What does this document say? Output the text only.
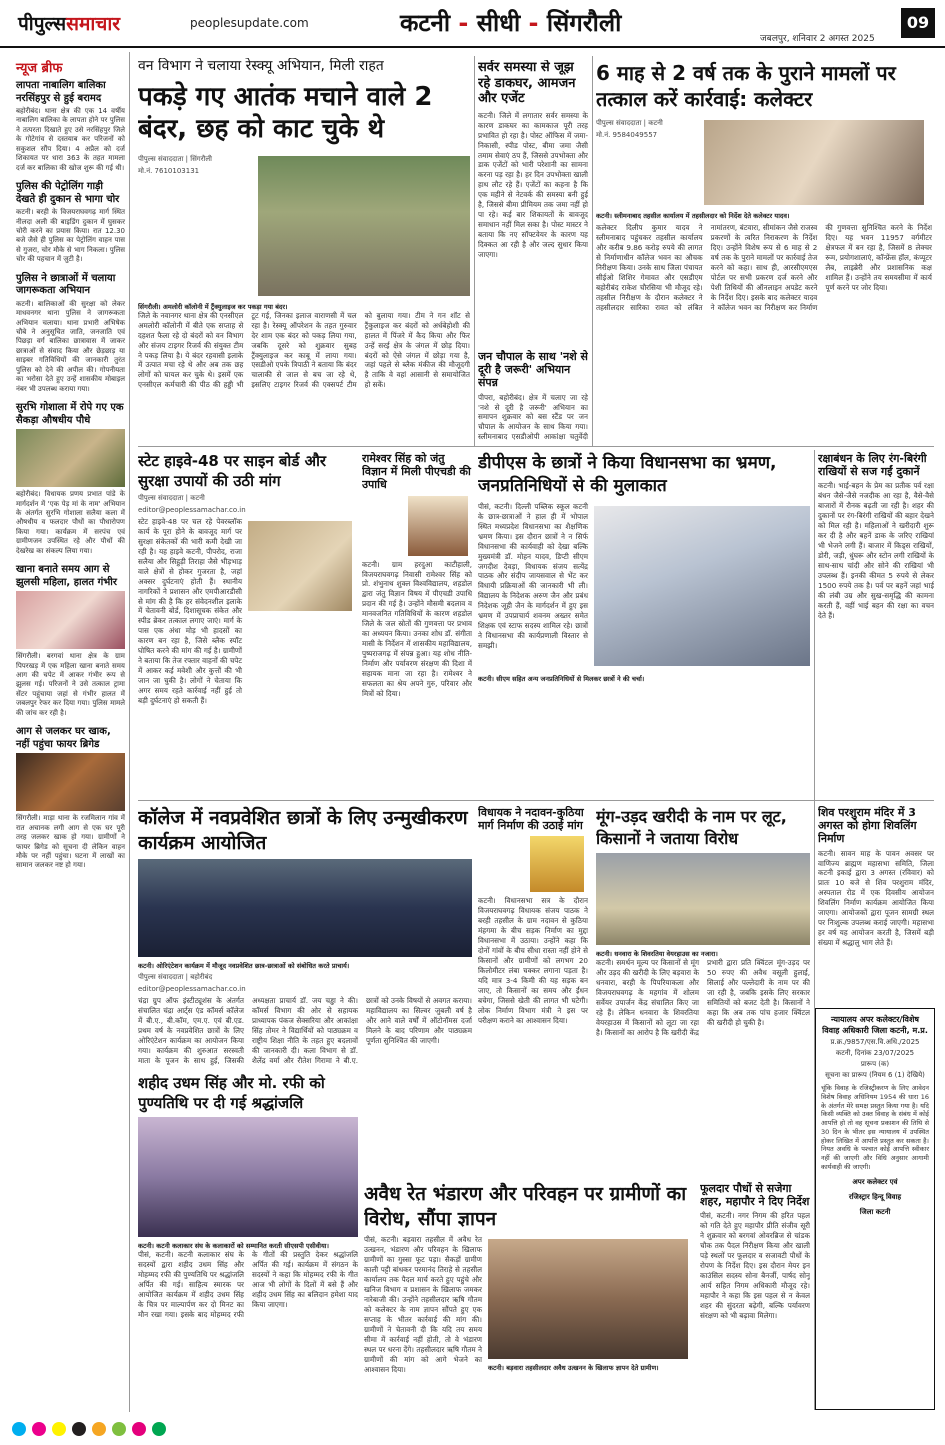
पीपुल्ससमाचार	peoplesupdate.com	कटनी - सीधी - सिंगरौली
जबलपुर, शनिवार 2 अगस्त 2025
09
न्यूज ब्रीफ
लापता नाबालिग बालिका नरसिंहपुर से हुई बरामद
बहोरीबंद। थाना क्षेत्र की एक 14 वर्षीय नाबालिग बालिका के लापता होने पर पुलिस ने तत्परता दिखाते हुए उसे नरसिंहपुर जिले के गोटेगांव से दस्तयाब कर परिजनों को सकुशल सौंप दिया। 4 अप्रैल को दर्ज शिकायत पर धारा 363 के तहत मामला दर्ज कर बालिका की खोज शुरू की गई थी।
पुलिस की पेट्रोलिंग गाड़ी देखते ही दुकान से भागा चोर
कटनी। बरही के विजयराघवगढ़ मार्ग स्थित नीलदा अली की बाइडिंग दुकान में घुसकर चोरी करने का प्रयास किया। रात 12.30 बजे जैसे ही पुलिस का पेट्रोलिंग वाहन पास से गुजरा, चोर मौके से भाग निकला। पुलिस चोर की पहचान में जुटी है।
पुलिस ने छात्राओं में चलाया जागरूकता अभियान
कटनी। बालिकाओं की सुरक्षा को लेकर माधवनगर थाना पुलिस ने जागरूकता अभियान चलाया। थाना प्रभारी अभिषेक चौबे ने अनुसूचित जाति, जनजाति एवं पिछड़ा वर्ग बालिका छात्रावास में जाकर छात्राओं से संवाद किया और छेड़छाड़ या साइबर गतिविधियों की जानकारी तुरंत पुलिस को देने की अपील की। गोपनीयता का भरोसा देते हुए उन्हें शासकीय मोबाइल नंबर भी उपलब्ध कराया गया।
सुरभि गोशाला में रोपे गए एक सैकड़ा औषधीय पौधे
बहोरीबंद। विधायक प्रणय प्रभात पांडे के मार्गदर्शन में 'एक पेड़ मां के नाम' अभियान के अंतर्गत सुरभि गोशाला सलैया कला में औषधीय व फलदार पौधों का पौधारोपण किया गया। कार्यक्रम में सरपंच एवं ग्रामीणजन उपस्थित रहे और पौधों की देखरेख का संकल्प लिया गया।
खाना बनाते समय आग से झुलसी महिला, हालत गंभीर
सिंगरौली। बरगवां थाना क्षेत्र के ग्राम पिपरखड़ में एक महिला खाना बनाते समय आग की चपेट में आकर गंभीर रूप से झुलस गई। परिजनों ने उसे तत्काल ट्रामा सेंटर पहुंचाया जहां से गंभीर हालत में जबलपुर रेफर कर दिया गया। पुलिस मामले की जांच कर रही है।
आग से जलकर घर खाक, नहीं पहुंचा फायर ब्रिगेड
सिंगरौली। माड़ा थाना के रजमिलान गांव में रात अचानक लगी आग से एक घर पूरी तरह जलकर खाक हो गया। ग्रामीणों ने फायर ब्रिगेड को सूचना दी लेकिन वाहन मौके पर नहीं पहुंचा। घटना में लाखों का सामान जलकर नष्ट हो गया।
वन विभाग ने चलाया रेस्क्यू अभियान, मिली राहत
पकड़े गए आतंक मचाने वाले 2 बंदर, छह को काट चुके थे
पीपुल्स संवाददाता | सिंगरौली
मो.नं. 7610103131
सिंगरौली। अमलोरी कॉलोनी में ट्रैंक्युलाइज कर पकड़ा गया बंदर।
जिले के नवानगर थाना क्षेत्र की एनसीएल अमलोरी कॉलोनी में बीते एक सप्ताह से दहशत फैला रहे दो बंदरों को वन विभाग और संजय टाइगर रिजर्व की संयुक्त टीम ने पकड़ लिया है। ये बंदर रहवासी इलाके में उत्पात मचा रहे थे और अब तक छह लोगों को घायल कर चुके थे। इसमें एक एनसीएल कर्मचारी की पीठ की हड्डी भी टूट गई, जिनका इलाज वाराणसी में चल रहा है। रेस्क्यू ऑपरेशन के तहत गुरुवार देर शाम एक बंदर को पकड़ लिया गया, जबकि दूसरे को शुक्रवार सुबह ट्रैंक्युलाइज कर काबू में लाया गया। एसडीओ एपके त्रिपाठी ने बताया कि बंदर चालाकी से जाल से बच जा रहे थे, इसलिए टाइगर रिजर्व की एक्सपर्ट टीम को बुलाया गया। टीम ने गन शॉट से ट्रैंकुलाइज कर बंदरों को अर्धबेहोशी की हालत में पिंजरे में कैद किया और फिर उन्हें सरई क्षेत्र के जंगल में छोड़ दिया। बंदरों को ऐसे जंगल में छोड़ा गया है, जहां पहले से ब्लैक मंकीज की मौजूदगी है ताकि वे वहां आसानी से समायोजित हो सकें।
सर्वर समस्या से जूझ रहे डाकघर, आमजन और एजेंट
कटनी। जिले में लगातार सर्वर समस्या के कारण डाकघर का कामकाज पूरी तरह प्रभावित हो रहा है। पोस्ट ऑफिस में जमा-निकासी, स्पीड पोस्ट, बीमा जमा जैसी तमाम सेवाएं ठप हैं, जिससे उपभोक्ता और डाक एजेंटों को भारी परेशानी का सामना करना पड़ रहा है। हर दिन उपभोक्ता खाली हाथ लौट रहे हैं। एजेंटों का कहना है कि एक महीने से नेटवर्क की समस्या बनी हुई है, जिससे बीमा प्रीमियम तक जमा नहीं हो पा रहे। कई बार शिकायतों के बावजूद समाधान नहीं मिल सका है। पोस्ट मास्टर ने बताया कि नए सॉफ्टवेयर के कारण यह दिक्कत आ रही है और जल्द सुधार किया जाएगा।
6 माह से 2 वर्ष तक के पुराने मामलों पर तत्काल करें कार्रवाई: कलेक्टर
पीपुल्स संवाददाता | कटनी
मो.नं. 9584049557
कटनी। स्लीमनाबाद तहसील कार्यालय में तहसीलदार को निर्देश देते कलेक्टर यादव।
कलेक्टर दिलीप कुमार यादव ने स्लीमनाबाद पहुंचकर तहसील कार्यालय और करीब 9.86 करोड़ रुपये की लागत से निर्माणाधीन कॉलेज भवन का औचक निरीक्षण किया। उनके साथ जिला पंचायत सीईओ शिशिर गेमावत और एसडीएम बहोरीबंद राकेश चौरसिया भी मौजूद रहे। तहसील निरीक्षण के दौरान कलेक्टर ने तहसीलदार सारिका रावत को लंबित नामांतरण, बंटवारा, सीमांकन जैसे राजस्व प्रकरणों के त्वरित निराकरण के निर्देश दिए। उन्होंने विशेष रूप से 6 माह से 2 वर्ष तक के पुराने मामलों पर कार्रवाई तेज करने को कहा। साथ ही, आरसीएमएस पोर्टल पर सभी प्रकरण दर्ज करने और पेशी तिथियों की ऑनलाइन अपडेट करने के निर्देश दिए। इसके बाद कलेक्टर यादव ने कॉलेज भवन का निरीक्षण कर निर्माण की गुणवत्ता सुनिश्चित करने के निर्देश दिए। यह भवन 11957 वर्गमीटर क्षेत्रफल में बन रहा है, जिसमें 8 लेक्चर रूम, प्रयोगशालाएं, कॉन्फ्रेंस हॉल, कंप्यूटर लैब, लाइब्रेरी और प्रशासनिक कक्ष शामिल हैं। उन्होंने तय समयसीमा में कार्य पूर्ण करने पर जोर दिया।
जन चौपाल के साथ 'नशे से दूरी है जरूरी' अभियान संपन्न
पीपरा, बहोरीबंद। क्षेत्र में चलाए जा रहे 'नशे से दूरी है जरूरी' अभियान का समापन शुक्रवार को बस स्टैंड पर जन चौपाल के आयोजन के साथ किया गया। स्लीमनाबाद एसडीओपी आकांक्षा चतुर्वेदी
स्टेट हाइवे-48 पर साइन बोर्ड और सुरक्षा उपायों की उठी मांग
पीपुल्स संवाददाता | कटनी
editor@peoplessamachar.co.in
स्टेट हाइवे-48 पर चल रहे पेवरब्लॉक कार्य के पूरा होने के बावजूद मार्ग पर सुरक्षा संकेतकों की भारी कमी देखी जा रही है। यह हाइवे कटनी, पीपरोद, राजा सलैया और सिहुड़ी तिराहा जैसे भीड़भाड़ वाले क्षेत्रों से होकर गुजरता है, जहां अक्सर दुर्घटनाएं होती हैं। स्थानीय नागरिकों ने प्रशासन और एमपीआरडीसी से मांग की है कि हर संवेदनशील इलाके में चेतावनी बोर्ड, दिशासूचक संकेत और स्पीड ब्रेकर तत्काल लगाए जाएं। मार्ग के पास एक अंधा मोड़ भी हादसों का कारण बन रहा है, जिसे ब्लैक स्पॉट घोषित करने की मांग की गई है। ग्रामीणों ने बताया कि तेज रफ्तार वाहनों की चपेट में आकर कई मवेशी और कुत्तों की भी जान जा चुकी है। लोगों ने चेताया कि अगर समय रहते कार्रवाई नहीं हुई तो बड़ी दुर्घटनाएं हो सकती हैं।
रामेश्वर सिंह को जंतु विज्ञान में मिली पीएचडी की उपाधि
कटनी। ग्राम हरदुआ काटीहाली, विजयराघवगढ़ निवासी रामेश्वर सिंह को प्रो. शंभुनाथ शुक्ल विश्वविद्यालय, शहडोल द्वारा जंतु विज्ञान विषय में पीएचडी उपाधि प्रदान की गई है। उन्होंने मौसमी बदलाव व मानवजनित गतिविधियों के कारण शहडोल जिले के जल स्रोतों की गुणवत्ता पर प्रभाव का अध्ययन किया। उनका शोध डॉ. संगीता मासी के निर्देशन में शासकीय महाविद्यालय, पुष्पराजगढ़ में संपन्न हुआ। यह शोध नीति-निर्माण और पर्यावरण संरक्षण की दिशा में सहायक माना जा रहा है। रामेश्वर ने सफलता का श्रेय अपने गुरु, परिवार और मित्रों को दिया।
डीपीएस के छात्रों ने किया विधानसभा का भ्रमण, जनप्रतिनिधियों से की मुलाकात
पीसं, कटनी। दिल्ली पब्लिक स्कूल कटनी के छात्र-छात्राओं ने हाल ही में भोपाल स्थित मध्यप्रदेश विधानसभा का शैक्षणिक भ्रमण किया। इस दौरान छात्रों ने न सिर्फ विधानसभा की कार्यवाही को देखा बल्कि मुख्यमंत्री डॉ. मोहन यादव, डिप्टी सीएम जगदीश देवड़ा, विधायक संजय सत्येंद्र पाठक और संदीप जायसवाल से भेंट कर विधायी प्रक्रियाओं की जानकारी भी ली। विद्यालय के निदेशक अरुण जैन और प्रबंध निदेशक जूही जैन के मार्गदर्शन में हुए इस भ्रमण में उपप्राचार्य शवनम अख्तर समेत शिक्षक एवं स्टाफ सदस्य शामिल रहे। छात्रों ने विधानसभा की कार्यप्रणाली विस्तार से समझी।
कटनी। सीएम सहित अन्य जनप्रतिनिधियों से मिलकर छात्रों ने की चर्चा।
रक्षाबंधन के लिए रंग-बिरंगी राखियों से सज गईं दुकानें
कटनी। भाई-बहन के प्रेम का प्रतीक पर्व रक्षा बंधन जैसे-जैसे नजदीक आ रहा है, वैसे-वैसे बाजारों में रौनक बढ़ती जा रही है। शहर की दुकानों पर रंग-बिरंगी राखियों की बहार देखने को मिल रही है। महिलाओं ने खरीदारी शुरू कर दी है और बहनें डाक के जरिए राखियां भी भेजने लगी हैं। बाजार में किड्स राखियों, डोरी, जड़ी, धुंघरू और स्टोन लगी राखियों के साथ-साथ चांदी और सोने की राखियां भी उपलब्ध हैं। इनकी कीमत 5 रुपये से लेकर 1500 रुपये तक है। पर्व पर बहनें जहां भाई की लंबी उम्र और सुख-समृद्धि की कामना करती हैं, वहीं भाई बहन की रक्षा का वचन देते हैं।
कॉलेज में नवप्रवेशित छात्रों के लिए उन्मुखीकरण कार्यक्रम आयोजित
कटनी। ओरिएंटेशन कार्यक्रम में मौजूद नवप्रवेशित छात्र-छात्राओं को संबोधित करते प्राचार्य।
पीपुल्स संवाददाता | बहोरीबंद
editor@peoplessamachar.co.in
चंद्रा ग्रुप ऑफ इंस्टीट्यूशंस के अंतर्गत संचालित चंद्रा आर्ट्स एंड कॉमर्स कॉलेज में बी.ए., बी.कॉम, एम.ए. एवं बी.एड. प्रथम वर्ष के नवप्रवेशित छात्रों के लिए ओरिएंटेशन कार्यक्रम का आयोजन किया गया। कार्यक्रम की शुरुआत सरस्वती माता के पूजन के साथ हुई, जिसकी अध्यक्षता प्राचार्य डॉ. जय चड्ढा ने की। कॉमर्स विभाग की ओर से सहायक प्राध्यापक पंकज सेक्सरिया और आकांक्षा सिंह तोमर ने विद्यार्थियों को पाठ्यक्रम व राष्ट्रीय शिक्षा नीति के तहत हुए बदलावों की जानकारी दी। कला विभाग से डॉ. शैलेंद्र वर्मा और रीतेश गिरामा ने बी.ए. छात्रों को उनके विषयों से अवगत कराया। महाविद्यालय का सिल्वर जुबली वर्ष है और आने वाले वर्षों में ऑटोनॉमस दर्जा मिलने के बाद परिणाम और पाठ्यक्रम पूर्णता सुनिश्चित की जाएगी।
विधायक ने नदावन-कुठिया मार्ग निर्माण की उठाई मांग
कटनी। विधानसभा सत्र के दौरान विजयराघवगढ़ विधायक संजय पाठक ने बरही तहसील के ग्राम नदावन से कुठिया मंहगमा के बीच सड़क निर्माण का मुद्दा विधानसभा में उठाया। उन्होंने कहा कि दोनों गांवों के बीच सीधा रास्ता नहीं होने से किसानों और ग्रामीणों को लगभग 20 किलोमीटर लंबा चक्कर लगाना पड़ता है। यदि मात्र 3-4 किमी की यह सड़क बन जाए, तो किसानों का समय और ईंधन बचेगा, जिससे खेती की लागत भी घटेगी। लोक निर्माण विभाग मंत्री ने इस पर परीक्षण कराने का आश्वासन दिया।
मूंग-उड़द खरीदी के नाम पर लूट, किसानों ने जताया विरोध
कटनी। धनवारा के शिवरतिया वेयरहाउस का नजारा।
कटनी। समर्थन मूल्य पर किसानों से मूंग और उड़द की खरीदी के लिए बड़वारा के धनवारा, बरही के पिपरियाकला और विजयराघवगढ़ के महगांव में शोलम सर्वेयर उपार्जन केंद्र संचालित किए जा रहे हैं। लेकिन धनवारा के शिवरतिया वेयरहाउस में किसानों को लूटा जा रहा है। किसानों का आरोप है कि खरीदी केंद्र प्रभारी द्वारा प्रति क्विंटल मूंग-उड़द पर 50 रुपए की अवैध वसूली हुलाई, सिलाई और पल्लेदारी के नाम पर की जा रही है, जबकि इसके लिए सरकार समितियों को बजट देती है। किसानों ने कहा कि अब तक पांच हजार क्विंटल की खरीदी हो चुकी है।
शिव परशुराम मंदिर में 3 अगस्त को होगा शिवलिंग निर्माण
कटनी। सावन माह के पावन अवसर पर वाणिज्य ब्राह्मण महासभा समिति, जिला कटनी इकाई द्वारा 3 अगस्त (रविवार) को प्रातः 10 बजे से शिव परशुराम मंदिर, अस्पताल रोड में एक दिवसीय आयोजन शिवलिंग निर्माण कार्यक्रम आयोजित किया जाएगा। आयोजकों द्वारा पूजन सामग्री स्थल पर निःशुल्क उपलब्ध कराई जाएगी। महासभा हर वर्ष यह आयोजन करती है, जिसमें बड़ी संख्या में श्रद्धालु भाग लेते हैं।
शहीद उधम सिंह और मो. रफी को पुण्यतिथि पर दी गई श्रद्धांजलि
कटनी। कटनी कलाकार संघ के कलाकारों को सम्मानित करती सीएसपी एसीवीया।
पीसं, कटनी। कटनी कलाकार संघ के सदस्यों द्वारा शहीद उधम सिंह और मोहम्मद रफी की पुण्यतिथि पर श्रद्धांजलि अर्पित की गई। साहित्य स्मारक पर आयोजित कार्यक्रम में शहीद उधम सिंह के चित्र पर माल्यार्पण कर दो मिनट का मौन रखा गया। इसके बाद मोहम्मद रफी के गीतों की प्रस्तुति देकर श्रद्धांजलि अर्पित की गई। कार्यक्रम में संगठन के सदस्यों ने कहा कि मोहम्मद रफी के गीत आज भी लोगों के दिलों में बसे हैं और शहीद उधम सिंह का बलिदान हमेशा याद किया जाएगा।
अवैध रेत भंडारण और परिवहन पर ग्रामीणों का विरोध, सौंपा ज्ञापन
पीसं, कटनी। बड़वारा तहसील में अवैध रेत उत्खनन, भंडारण और परिवहन के खिलाफ ग्रामीणों का गुस्सा फूट पड़ा। सैकड़ों ग्रामीण काली पट्टी बांधकर परमानंद तिराहे से तहसील कार्यालय तक पैदल मार्च करते हुए पहुंचे और खनिज विभाग व प्रशासन के खिलाफ जमकर नारेबाजी की। उन्होंने तहसीलदार ऋषि गौतम को कलेक्टर के नाम ज्ञापन सौंपते हुए एक सप्ताह के भीतर कार्रवाई की मांग की। ग्रामीणों ने चेतावनी दी कि यदि तय समय सीमा में कार्रवाई नहीं होती, तो वे भंडारण स्थल पर धरना देंगे। तहसीलदार ऋषि गौतम ने ग्रामीणों की मांग को आगे भेजने का आश्वासन दिया।	कटनी। बड़वारा तहसीलदार अवैध उत्खनन के खिलाफ ज्ञापन देते ग्रामीण।
फूलदार पौधों से सजेगा शहर, महापौर ने दिए निर्देश
पीसं, कटनी। नगर निगम की हरित पहल को गति देते हुए महापौर प्रीति संजीव सूरी ने शुक्रवार को बरगवां ओवरब्रिज से चांडक चौक तक पैदल निरीक्षण किया और खाली पड़े स्थलों पर फूलदार व सजावटी पौधों के रोपण के निर्देश दिए। इस दौरान मेयर इन काउंसिल सदस्य सोना बैनर्जी, पार्षद सोनू आर्य सहित निगम अधिकारी मौजूद रहे। महापौर ने कहा कि इस पहल से न केवल शहर की सुंदरता बढ़ेगी, बल्कि पर्यावरण संरक्षण को भी बढ़ावा मिलेगा।
न्यायालय अपर कलेक्टर/विशेष विवाह अधिकारी जिला कटनी, म.प्र.
प्र.क्र./9857/एस.वि.अधि./2025
कटनी, दिनांक 23/07/2025
प्रारूप (क)
सूचना का प्रारूप (नियम 6 (1) देखिये)
चूंकि विवाह के रजिस्ट्रीकरण के लिए आवेदन विशेष विवाह अधिनियम 1954 की धारा 16 के अंतर्गत मेरे समक्ष प्रस्तुत किया गया है। यदि किसी व्यक्ति को उक्त विवाह के संबंध में कोई आपत्ति हो तो वह सूचना प्रकाशन की तिथि से 30 दिन के भीतर इस न्यायालय में उपस्थित होकर लिखित में आपत्ति प्रस्तुत कर सकता है। नियत अवधि के पश्चात कोई आपत्ति स्वीकार नहीं की जाएगी और विधि अनुसार आगामी कार्यवाही की जाएगी।
अपर कलेक्टर एवं
रजिस्ट्रार हिन्दू विवाह
जिला कटनी
